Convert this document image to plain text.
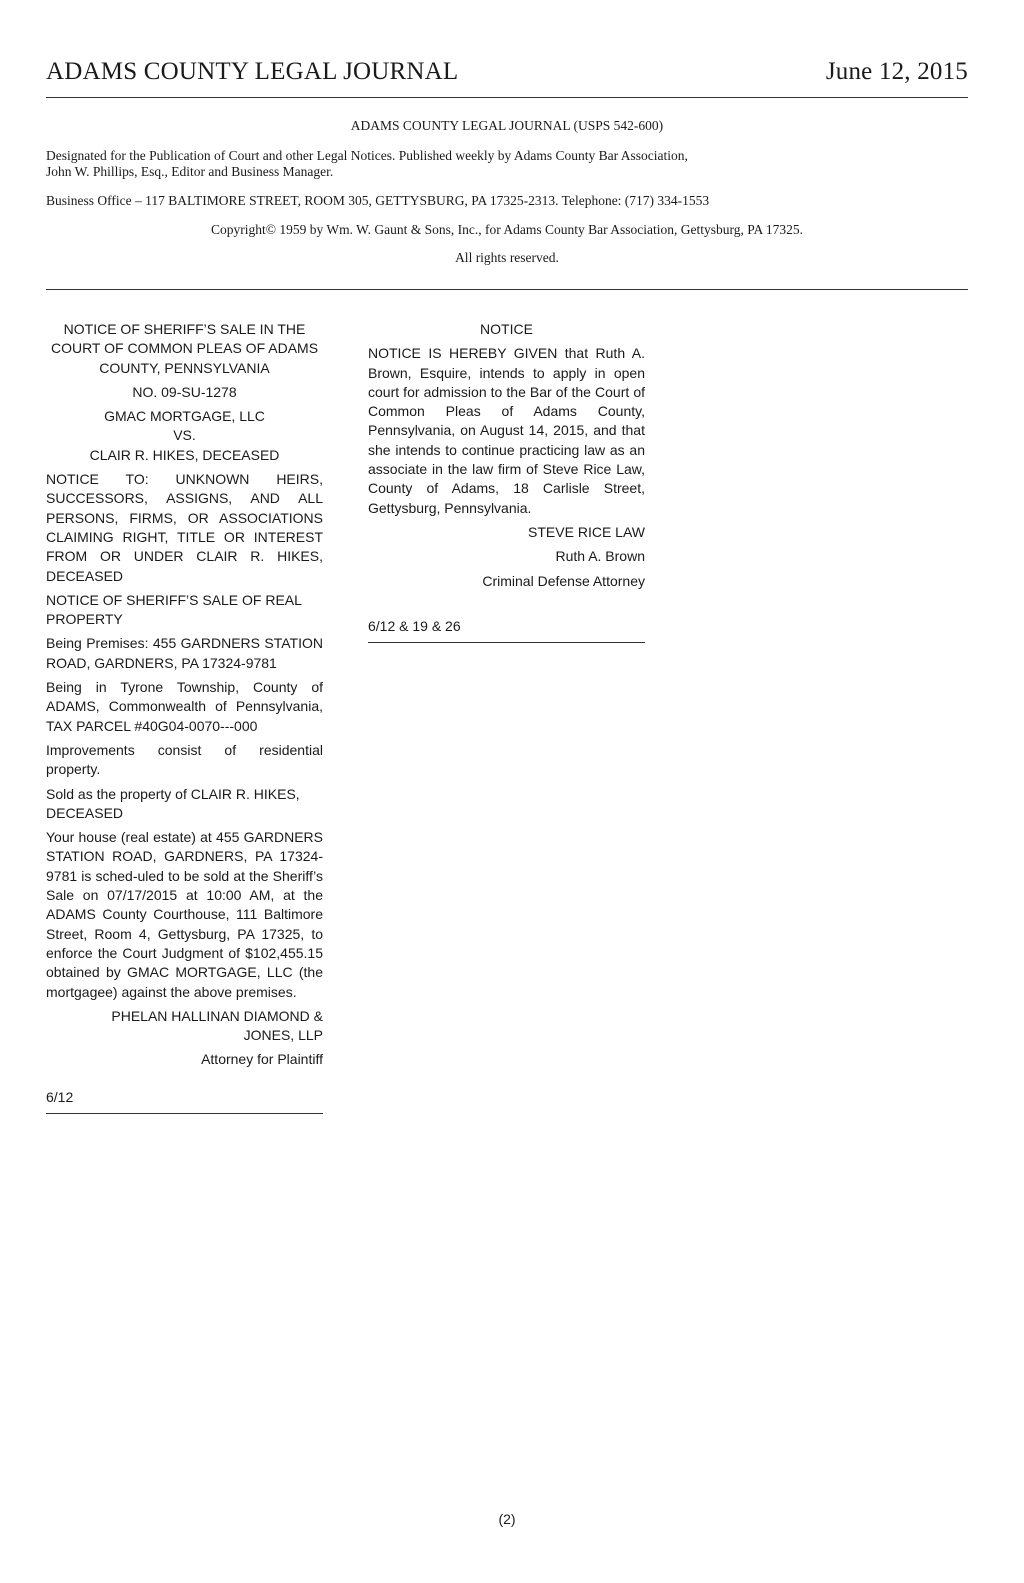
ADAMS COUNTY LEGAL JOURNAL	June 12, 2015
ADAMS COUNTY LEGAL JOURNAL (USPS 542-600)
Designated for the Publication of Court and other Legal Notices. Published weekly by Adams County Bar Association,
John W. Phillips, Esq., Editor and Business Manager.
Business Office – 117 BALTIMORE STREET, ROOM 305, GETTYSBURG, PA 17325-2313. Telephone: (717) 334-1553
Copyright© 1959 by Wm. W. Gaunt & Sons, Inc., for Adams County Bar Association, Gettysburg, PA 17325.
All rights reserved.

NOTICE OF SHERIFF’S SALE IN THE COURT OF COMMON PLEAS OF ADAMS COUNTY, PENNSYLVANIA

NO. 09-SU-1278

GMAC MORTGAGE, LLC
VS.
CLAIR R. HIKES, DECEASED

NOTICE TO: UNKNOWN HEIRS, SUCCESSORS, ASSIGNS, AND ALL PERSONS, FIRMS, OR ASSOCIATIONS CLAIMING RIGHT, TITLE OR INTEREST FROM OR UNDER CLAIR R. HIKES, DECEASED

NOTICE OF SHERIFF’S SALE OF REAL PROPERTY

Being Premises: 455 GARDNERS STATION ROAD, GARDNERS, PA 17324-9781

Being in Tyrone Township, County of ADAMS, Commonwealth of Pennsylvania, TAX PARCEL #40G04-0070---000

Improvements consist of residential property.

Sold as the property of CLAIR R. HIKES, DECEASED

Your house (real estate) at 455 GARDNERS STATION ROAD, GARDNERS, PA 17324-9781 is sched-uled to be sold at the Sheriff’s Sale on 07/17/2015 at 10:00 AM, at the ADAMS County Courthouse, 111 Baltimore Street, Room 4, Gettysburg, PA 17325, to enforce the Court Judgment of $102,455.15 obtained by GMAC MORTGAGE, LLC (the mortgagee) against the above premises.

PHELAN HALLINAN DIAMOND & JONES, LLP

Attorney for Plaintiff

6/12

NOTICE

NOTICE IS HEREBY GIVEN that Ruth A. Brown, Esquire, intends to apply in open court for admission to the Bar of the Court of Common Pleas of Adams County, Pennsylvania, on August 14, 2015, and that she intends to continue practicing law as an associate in the law firm of Steve Rice Law, County of Adams, 18 Carlisle Street, Gettysburg, Pennsylvania.

STEVE RICE LAW

Ruth A. Brown

Criminal Defense Attorney

6/12 & 19 & 26

(2)
